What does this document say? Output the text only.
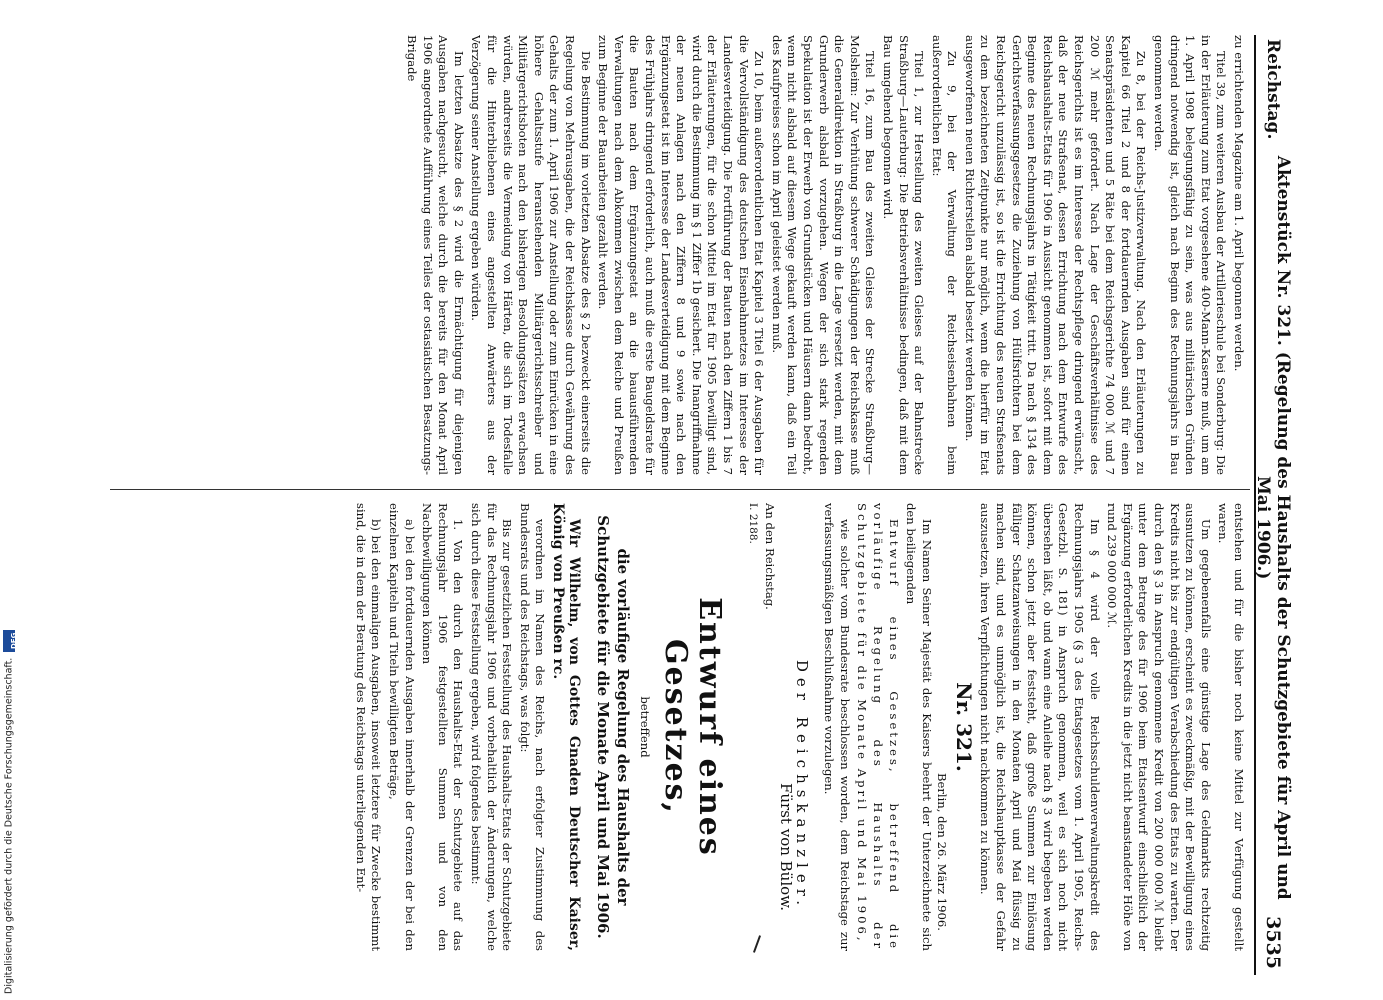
Reichstag.
Aktenstück Nr. 321. (Regelung des Haushalts der Schutzgebiete für April und Mai 1906.)
3535

zu errichtenden Magazine am 1. April begonnen werden.

Titel 39, zum weiteren Ausbau der Artillerieschule bei Sonderburg: Die in der Erläuterung zum Etat vorgesehene 400-Mann-Kaserne muß, um am 1. April 1908 belegungsfähig zu sein, was aus militärischen Gründen dringend notwendig ist, gleich nach Beginn des Rechnungsjahrs in Bau genommen werden.

Zu 8, bei der Reichs-Justizverwaltung. Nach den Erläuterungen zu Kapitel 66 Titel 2 und 8 der fortdauernden Ausgaben sind für einen Senatspräsidenten und 5 Räte bei dem Reichsgerichte 74 000 ℳ und 7 200 ℳ mehr gefordert. Nach Lage der Geschäftsverhältnisse des Reichsgerichts ist es im Interesse der Rechtspflege dringend erwünscht, daß der neue Strafsenat, dessen Errichtung nach dem Entwurfe des Reichshaushalts-Etats für 1906 in Aussicht genommen ist, sofort mit dem Beginne des neuen Rechnungsjahrs in Tätigkeit tritt. Da nach § 134 des Gerichtsverfassungsgesetzes die Zuziehung von Hülfsrichtern bei dem Reichsgericht unzulässig ist, so ist die Errichtung des neuen Strafsenats zu dem bezeichneten Zeitpunkte nur möglich, wenn die hierfür im Etat ausgeworfenen neuen Richterstellen alsbald besetzt werden können.

Zu 9, bei der Verwaltung der Reichseisenbahnen beim außerordentlichen Etat:

Titel 1, zur Herstellung des zweiten Gleises auf der Bahnstrecke Straßburg—Lauterburg: Die Betriebsverhältnisse bedingen, daß mit dem Bau umgehend begonnen wird.

Titel 16, zum Bau des zweiten Gleises der Strecke Straßburg—Molsheim: Zur Verhütung schwerer Schädigungen der Reichskasse muß die Generaldirektion in Straßburg in die Lage versetzt werden, mit dem Grunderwerb alsbald vorzugehen. Wegen der sich stark regenden Spekulation ist der Erwerb von Grundstücken und Häusern dann bedroht, wenn nicht alsbald auf diesem Wege gekauft werden kann, daß ein Teil des Kaufpreises schon im April geleistet werden muß.

Zu 10, beim außerordentlichen Etat Kapitel 3 Titel 6 der Ausgaben für die Vervollständigung des deutschen Eisenbahnnetzes im Interesse der Landesverteidigung. Die Fortführung der Bauten nach den Ziffern 1 bis 7 der Erläuterungen, für die schon Mittel im Etat für 1905 bewilligt sind, wird durch die Bestimmung im § 1 Ziffer 1b gesichert. Die Inangriffnahme der neuen Anlagen nach den Ziffern 8 und 9 sowie nach den Ergänzungsetat ist im Interesse der Landesverteidigung mit dem Beginne des Frühjahrs dringend erforderlich, auch muß die erste Baugeldsrate für die Bauten nach dem Ergänzungsetat an die bauausführenden Verwaltungen nach dem Abkommen zwischen dem Reiche und Preußen zum Beginne der Bauarbeiten gezahlt werden.

Die Bestimmung im vorletzten Absatze des § 2 bezweckt einerseits die Regelung von Mehrausgaben, die der Reichskasse durch Gewährung des Gehalts der zum 1. April 1906 zur Anstellung oder zum Einrücken in eine höhere Gehaltsstufe heranstehenden Militärgerichtsschreiber und Militärgerichtsboten nach den bisherigen Besoldungssätzen erwachsen würden, andrerseits die Vermeidung von Härten, die sich im Todesfalle für die Hinterbliebenen eines angestellten Anwärters aus der Verzögerung seiner Anstellung ergeben würden.

Im letzten Absatze des § 2 wird die Ermächtigung für diejenigen Ausgaben nachgesucht, welche durch die bereits für den Monat April 1906 angeordnete Aufführung eines Teiles der ostasiatischen Besatzungs-Brigade

entstehen und für die bisher noch keine Mittel zur Verfügung gestellt waren.

Um gegebenenfalls eine günstige Lage des Geldmarkts rechtzeitig ausnutzen zu können, erscheint es zweckmäßig, mit der Bewilligung eines Kredits nicht bis zur endgültigen Verabschiedung des Etats zu warten. Der durch den § 3 in Anspruch genommene Kredit von 200 000 000 ℳ bleibt unter dem Betrage des für 1906 beim Etatsentwurf einschließlich der Ergänzung erforderlichen Kredits in die jetzt nicht beanstandeter Höhe von rund 239 000 000 ℳ.

Im § 4 wird der volle Reichsschuldenverwaltungskredit des Rechnungsjahrs 1905 (§ 3 des Etatsgesetzes vom 1. April 1905, Reichs-Gesetzbl. S. 181) in Anspruch genommen, weil es sich noch nicht übersehen läßt, ob und wann eine Anleihe nach § 3 wird begeben werden können, schon jetzt aber feststeht, daß große Summen zur Einlösung fälliger Schatzanweisungen in den Monaten April und Mai flüssig zu machen sind, und es unmöglich ist, die Reichshauptkasse der Gefahr auszusetzen, ihren Verpflichtungen nicht nachkommen zu können.

Nr. 321.
Berlin, den 26. März 1906.

Im Namen Seiner Majestät des Kaisers beehrt der Unterzeichnete sich den beiliegenden

Entwurf eines Gesetzes, betreffend die vorläufige Regelung des Haushalts der Schutzgebiete für die Monate April und Mai 1906,

wie solcher vom Bundesrate beschlossen worden, dem Reichstage zur verfassungsmäßigen Beschlußnahme vorzulegen.

Der Reichskanzler.
Fürst von Bülow.

An den Reichstag.

I. 2188.

Entwurf eines Gesetzes,
betreffend
die vorläufige Regelung des Haushalts der Schutzgebiete für die Monate April und Mai 1906.

Wir Wilhelm, von Gottes Gnaden Deutscher Kaiser, König von Preußen rc.

verordnen im Namen des Reichs, nach erfolgter Zustimmung des Bundesrats und des Reichstags, was folgt:

Bis zur gesetzlichen Feststellung des Haushalts-Etats der Schutzgebiete für das Rechnungsjahr 1906 und vorbehaltlich der Änderungen, welche sich durch diese Feststellung ergeben, wird folgendes bestimmt:

1. Von den durch den Haushalts-Etat der Schutzgebiete auf das Rechnungsjahr 1906 festgestellten Summen und von den Nachbewilligungen können

a) bei den fortdauernden Ausgaben innerhalb der Grenzen der bei den einzelnen Kapiteln und Titeln bewilligten Beträge,

b) bei den einmaligen Ausgaben, insoweit letztere für Zwecke bestimmt sind, die in dem der Beratung des Reichstags unterliegenden Ent-

Digitalisierung gefördert durch die Deutsche Forschungsgemeinschaft.
DFG
